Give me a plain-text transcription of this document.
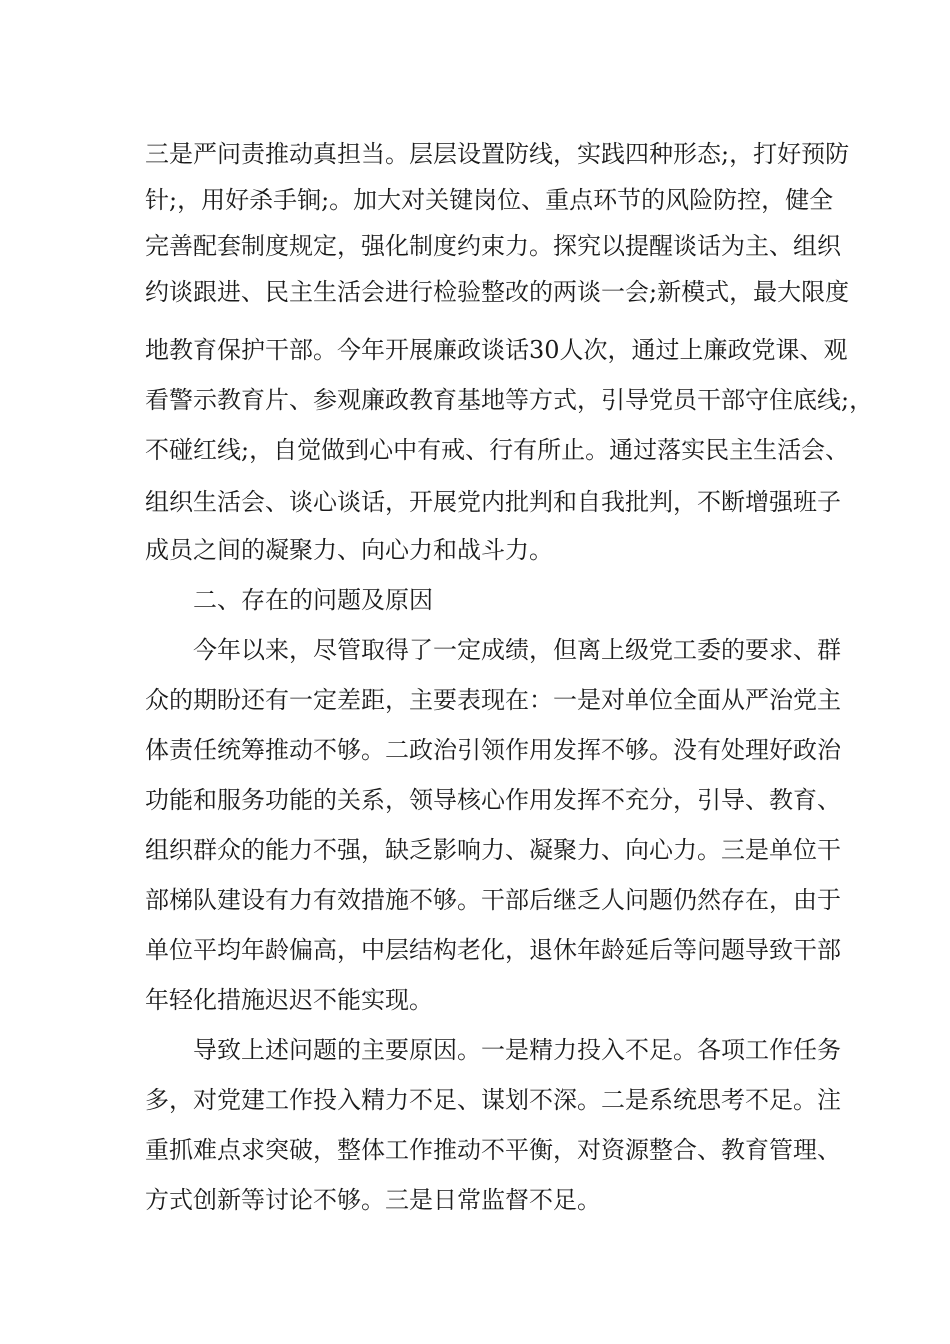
三是严问责推动真担当。层层设置防线，实践四种形态;，打好预防
针;，用好杀手锏;。加大对关键岗位、重点环节的风险防控，健全
完善配套制度规定，强化制度约束力。探究以提醒谈话为主、组织
约谈跟进、民主生活会进行检验整改的两谈一会;新模式，最大限度
地教育保护干部。今年开展廉政谈话30人次，通过上廉政党课、观
看警示教育片、参观廉政教育基地等方式，引导党员干部守住底线;，
不碰红线;，自觉做到心中有戒、行有所止。通过落实民主生活会、
组织生活会、谈心谈话，开展党内批判和自我批判，不断增强班子
成员之间的凝聚力、向心力和战斗力。
二、存在的问题及原因
今年以来，尽管取得了一定成绩，但离上级党工委的要求、群
众的期盼还有一定差距，主要表现在：一是对单位全面从严治党主
体责任统筹推动不够。二政治引领作用发挥不够。没有处理好政治
功能和服务功能的关系，领导核心作用发挥不充分，引导、教育、
组织群众的能力不强，缺乏影响力、凝聚力、向心力。三是单位干
部梯队建设有力有效措施不够。干部后继乏人问题仍然存在，由于
单位平均年龄偏高，中层结构老化，退休年龄延后等问题导致干部
年轻化措施迟迟不能实现。
导致上述问题的主要原因。一是精力投入不足。各项工作任务
多，对党建工作投入精力不足、谋划不深。二是系统思考不足。注
重抓难点求突破，整体工作推动不平衡，对资源整合、教育管理、
方式创新等讨论不够。三是日常监督不足。
